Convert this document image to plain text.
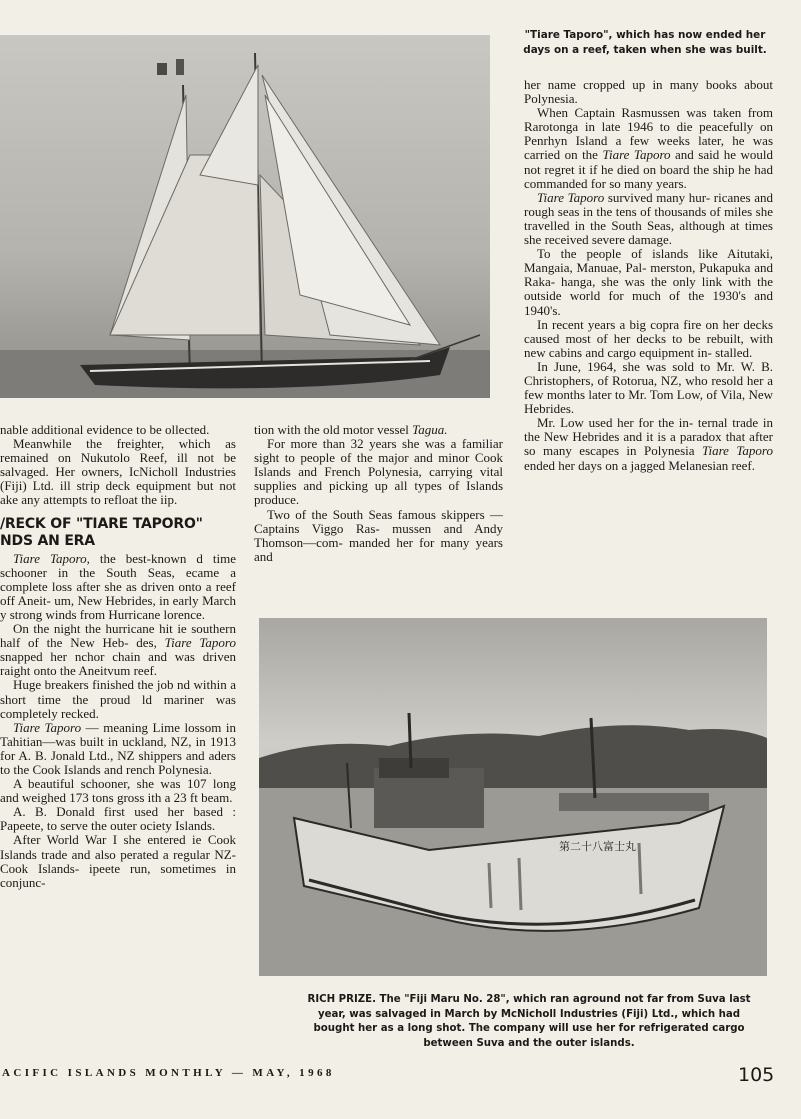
"Tiare Taporo", which has now ended her days on a reef, taken when she was built.

nable additional evidence to be ollected.

Meanwhile the freighter, which as remained on Nukutolo Reef, ill not be salvaged. Her owners, IcNicholl Industries (Fiji) Ltd. ill strip deck equipment but not ake any attempts to refloat the iip.

/RECK OF "TIARE TAPORO" NDS AN ERA

Tiare Taporo, the best-known d time schooner in the South Seas, ecame a complete loss after she as driven onto a reef off Aneit- um, New Hebrides, in early March y strong winds from Hurricane lorence.

On the night the hurricane hit ie southern half of the New Heb- des, Tiare Taporo snapped her nchor chain and was driven raight onto the Aneitvum reef.

Huge breakers finished the job nd within a short time the proud ld mariner was completely recked.

Tiare Taporo — meaning Lime lossom in Tahitian—was built in uckland, NZ, in 1913 for A. B. Jonald Ltd., NZ shippers and aders to the Cook Islands and rench Polynesia.

A beautiful schooner, she was 107 long and weighed 173 tons gross ith a 23 ft beam.

A. B. Donald first used her based : Papeete, to serve the outer ociety Islands.

After World War I she entered ie Cook Islands trade and also perated a regular NZ-Cook Islands- ipeete run, sometimes in conjunc-

tion with the old motor vessel Tagua.

For more than 32 years she was a familiar sight to people of the major and minor Cook Islands and French Polynesia, carrying vital supplies and picking up all types of Islands produce.

Two of the South Seas famous skippers — Captains Viggo Ras- mussen and Andy Thomson—com- manded her for many years and

her name cropped up in many books about Polynesia.

When Captain Rasmussen was taken from Rarotonga in late 1946 to die peacefully on Penrhyn Island a few weeks later, he was carried on the Tiare Taporo and said he would not regret it if he died on board the ship he had commanded for so many years.

Tiare Taporo survived many hur- ricanes and rough seas in the tens of thousands of miles she travelled in the South Seas, although at times she received severe damage.

To the people of islands like Aitutaki, Mangaia, Manuae, Pal- merston, Pukapuka and Raka- hanga, she was the only link with the outside world for much of the 1930's and 1940's.

In recent years a big copra fire on her decks caused most of her decks to be rebuilt, with new cabins and cargo equipment in- stalled.

In June, 1964, she was sold to Mr. W. B. Christophers, of Rotorua, NZ, who resold her a few months later to Mr. Tom Low, of Vila, New Hebrides.

Mr. Low used her for the in- ternal trade in the New Hebrides and it is a paradox that after so many escapes in Polynesia Tiare Taporo ended her days on a jagged Melanesian reef.

第二十八富士丸
RICH PRIZE. The "Fiji Maru No. 28", which ran aground not far from Suva last year, was salvaged in March by McNicholl Industries (Fiji) Ltd., which had bought her as a long shot. The company will use her for refrigerated cargo between Suva and the outer islands.
ACIFIC ISLANDS MONTHLY — MAY, 1968	105
